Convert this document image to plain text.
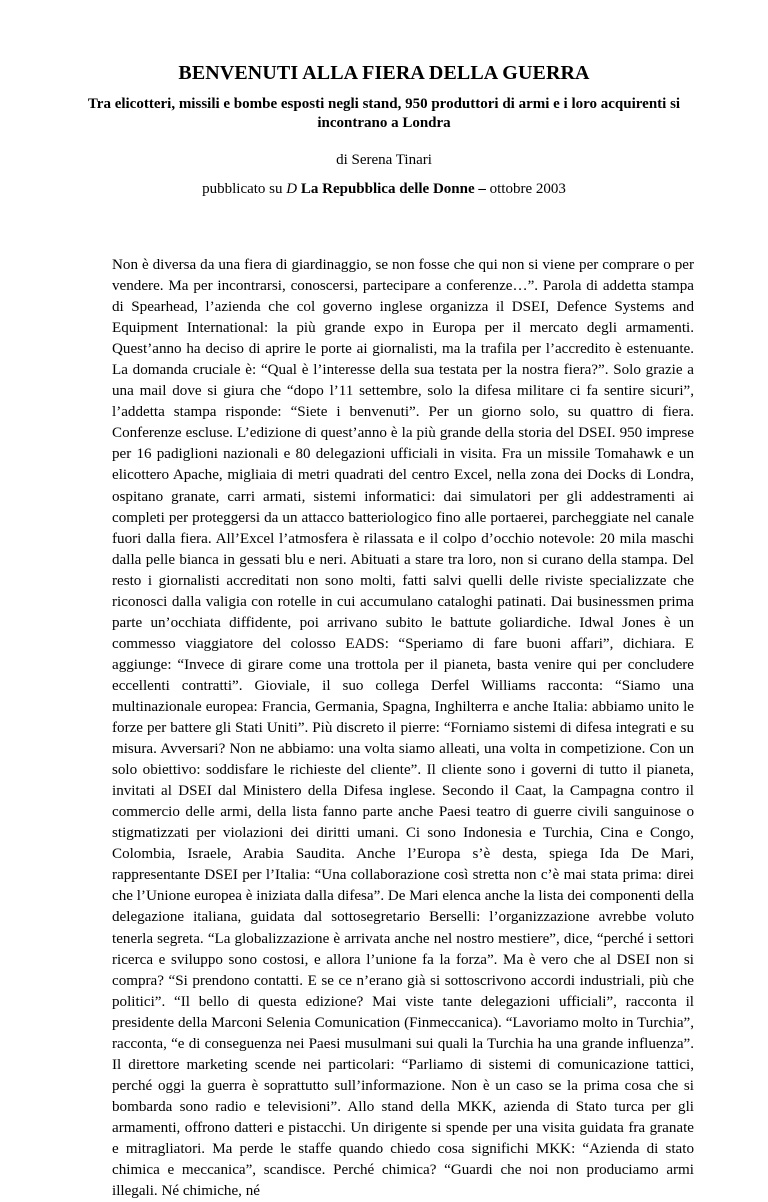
BENVENUTI ALLA FIERA DELLA GUERRA
Tra elicotteri, missili e bombe esposti negli stand, 950 produttori di armi e i loro acquirenti si incontrano a Londra
di Serena Tinari
pubblicato su D La Repubblica delle Donne – ottobre 2003

Non è diversa da una fiera di giardinaggio, se non fosse che qui non si viene per comprare o per vendere. Ma per incontrarsi, conoscersi, partecipare a conferenze…”. Parola di addetta stampa di Spearhead, l’azienda che col governo inglese organizza il DSEI, Defence Systems and Equipment International: la più grande expo in Europa per il mercato degli armamenti. Quest’anno ha deciso di aprire le porte ai giornalisti, ma la trafila per l’accredito è estenuante. La domanda cruciale è: “Qual è l’interesse della sua testata per la nostra fiera?”. Solo grazie a una mail dove si giura che “dopo l’11 settembre, solo la difesa militare ci fa sentire sicuri”, l’addetta stampa risponde: “Siete i benvenuti”. Per un giorno solo, su quattro di fiera. Conferenze escluse. L’edizione di quest’anno è la più grande della storia del DSEI. 950 imprese per 16 padiglioni nazionali e 80 delegazioni ufficiali in visita. Fra un missile Tomahawk e un elicottero Apache, migliaia di metri quadrati del centro Excel, nella zona dei Docks di Londra, ospitano granate, carri armati, sistemi informatici: dai simulatori per gli addestramenti ai completi per proteggersi da un attacco batteriologico fino alle portaerei, parcheggiate nel canale fuori dalla fiera. All’Excel l’atmosfera è rilassata e il colpo d’occhio notevole: 20 mila maschi dalla pelle bianca in gessati blu e neri. Abituati a stare tra loro, non si curano della stampa. Del resto i giornalisti accreditati non sono molti, fatti salvi quelli delle riviste specializzate che riconosci dalla valigia con rotelle in cui accumulano cataloghi patinati. Dai businessmen prima parte un’occhiata diffidente, poi arrivano subito le battute goliardiche. Idwal Jones è un commesso viaggiatore del colosso EADS: “Speriamo di fare buoni affari”, dichiara. E aggiunge: “Invece di girare come una trottola per il pianeta, basta venire qui per concludere eccellenti contratti”. Gioviale, il suo collega Derfel Williams racconta: “Siamo una multinazionale europea: Francia, Germania, Spagna, Inghilterra e anche Italia: abbiamo unito le forze per battere gli Stati Uniti”. Più discreto il pierre: “Forniamo sistemi di difesa integrati e su misura. Avversari? Non ne abbiamo: una volta siamo alleati, una volta in competizione. Con un solo obiettivo: soddisfare le richieste del cliente”. Il cliente sono i governi di tutto il pianeta, invitati al DSEI dal Ministero della Difesa inglese. Secondo il Caat, la Campagna contro il commercio delle armi, della lista fanno parte anche Paesi teatro di guerre civili sanguinose o stigmatizzati per violazioni dei diritti umani. Ci sono Indonesia e Turchia, Cina e Congo, Colombia, Israele, Arabia Saudita. Anche l’Europa s’è desta, spiega Ida De Mari, rappresentante DSEI per l’Italia: “Una collaborazione così stretta non c’è mai stata prima: direi che l’Unione europea è iniziata dalla difesa”. De Mari elenca anche la lista dei componenti della delegazione italiana, guidata dal sottosegretario Berselli: l’organizzazione avrebbe voluto tenerla segreta. “La globalizzazione è arrivata anche nel nostro mestiere”, dice, “perché i settori ricerca e sviluppo sono costosi, e allora l’unione fa la forza”. Ma è vero che al DSEI non si compra? “Si prendono contatti. E se ce n’erano già si sottoscrivono accordi industriali, più che politici”. “Il bello di questa edizione? Mai viste tante delegazioni ufficiali”, racconta il presidente della Marconi Selenia Comunication (Finmeccanica). “Lavoriamo molto in Turchia”, racconta, “e di conseguenza nei Paesi musulmani sui quali la Turchia ha una grande influenza”. Il direttore marketing scende nei particolari: “Parliamo di sistemi di comunicazione tattici, perché oggi la guerra è soprattutto sull’informazione. Non è un caso se la prima cosa che si bombarda sono radio e televisioni”. Allo stand della MKK, azienda di Stato turca per gli armamenti, offrono datteri e pistacchi. Un dirigente si spende per una visita guidata fra granate e mitragliatori. Ma perde le staffe quando chiedo cosa significhi MKK: “Azienda di stato chimica e meccanica”, scandisce. Perché chimica? “Guardi che noi non produciamo armi illegali. Né chimiche, né
